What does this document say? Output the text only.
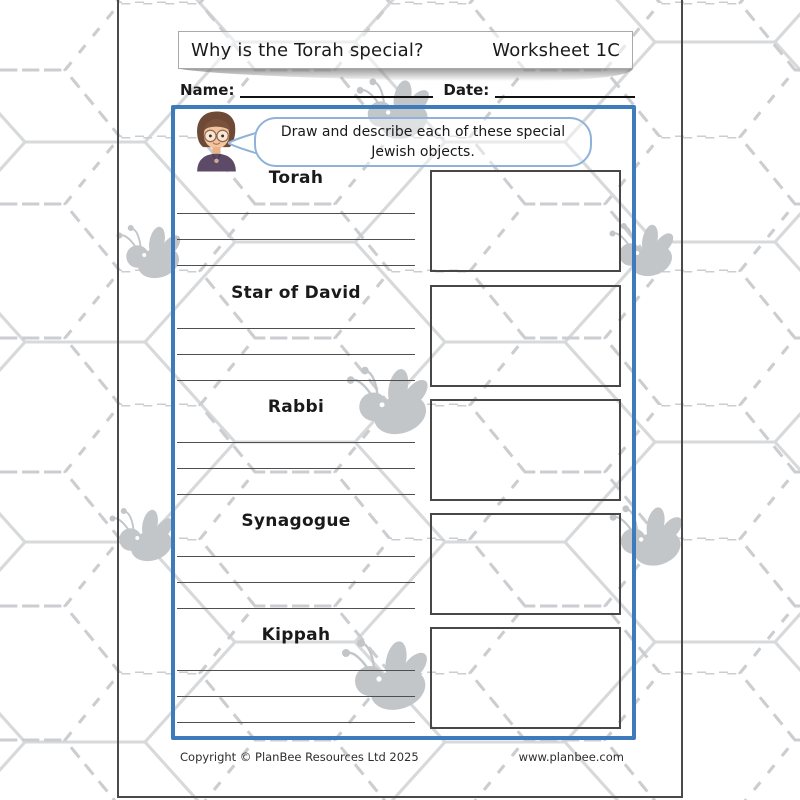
Why is the Torah special?	Worksheet 1C
Name:	Date:
Draw and describe each of these special Jewish objects.
Torah
Star of David
Rabbi
Synagogue
Kippah
Copyright © PlanBee Resources Ltd 2025	www.planbee.com
